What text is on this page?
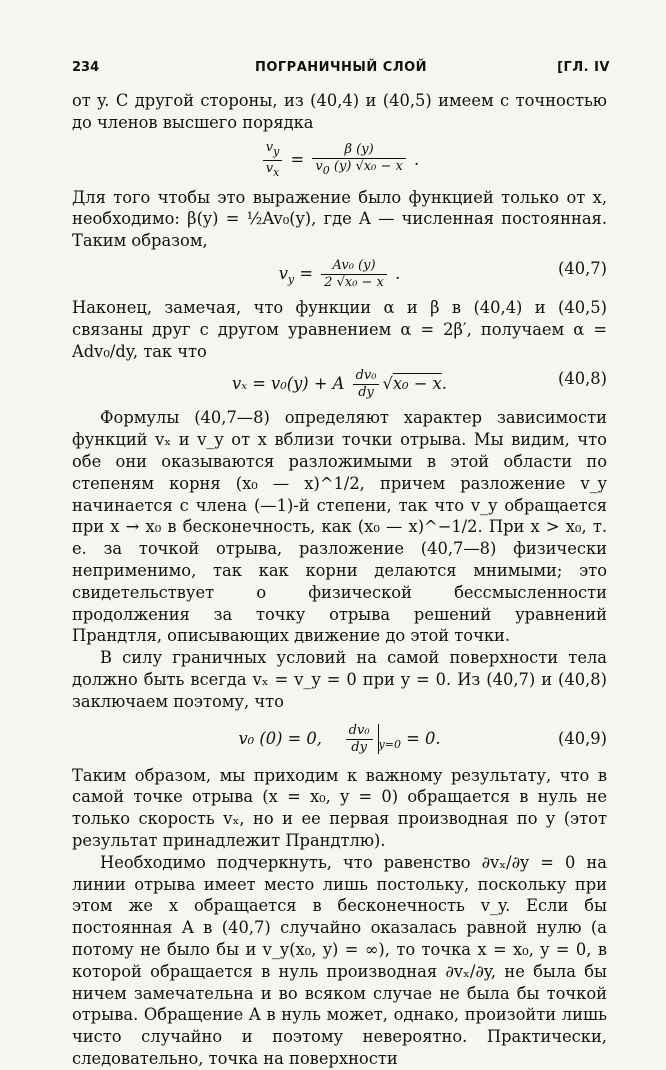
234	ПОГРАНИЧНЫЙ СЛОЙ	[ГЛ. IV

от y. С другой стороны, из (40,4) и (40,5) имеем с точностью до членов высшего порядка

$\frac{v_y}{v_x} = \frac{\beta (y)}{v_0 (y) √x_0 - x}$ .

Для того чтобы это выражение было функцией только от x, необходимо: β(y) = ½Av₀(y), где A — численная постоянная. Таким образом,

$v_y = \frac{\text{Av₀ (y)}}{\text{2 √x₀ − x}}$ .	(40,7)

Наконец, замечая, что функции α и β в (40,4) и (40,5) связаны друг с другом уравнением α = 2β′, получаем α = Adv₀/dy, так что

vₓ = v₀(y) + A $\frac{\text{dv₀}}{dy} √x_0 - x$.	(40,8)

Формулы (40,7—8) определяют характер зависимости функций vₓ и v_y от x вблизи точки отрыва. Мы видим, что обе они оказываются разложимыми в этой области по степеням корня (x₀ — x)^1/2, причем разложение v_y начинается с члена (—1)-й степени, так что v_y обращается при x → x₀ в бесконечность, как (x₀ — x)^−1/2. При x > x₀, т. е. за точкой отрыва, разложение (40,7—8) физически неприменимо, так как корни делаются мнимыми; это свидетельствует о физической бессмысленности продолжения за точку отрыва решений уравнений Прандтля, описывающих движение до этой точки.

В силу граничных условий на самой поверхности тела должно быть всегда vₓ = v_y = 0 при y = 0. Из (40,7) и (40,8) заключаем поэтому, что

v₀ (0) = 0, $\frac{\text{dv₀}}{dy} _{y=0} = 0$.	(40,9)

Таким образом, мы приходим к важному результату, что в самой точке отрыва (x = x₀, y = 0) обращается в нуль не только скорость vₓ, но и ее первая производная по y (этот результат принадлежит Прандтлю).

Необходимо подчеркнуть, что равенство ∂vₓ/∂y = 0 на линии отрыва имеет место лишь постольку, поскольку при этом же x обращается в бесконечность v_y. Если бы постоянная A в (40,7) случайно оказалась равной нулю (а потому не было бы и v_y(x₀, y) = ∞), то точка x = x₀, y = 0, в которой обращается в нуль производная ∂vₓ/∂y, не была бы ничем замечательна и во всяком случае не была бы точкой отрыва. Обращение A в нуль может, однако, произойти лишь чисто случайно и поэтому невероятно. Практически, следовательно, точка на поверхности
